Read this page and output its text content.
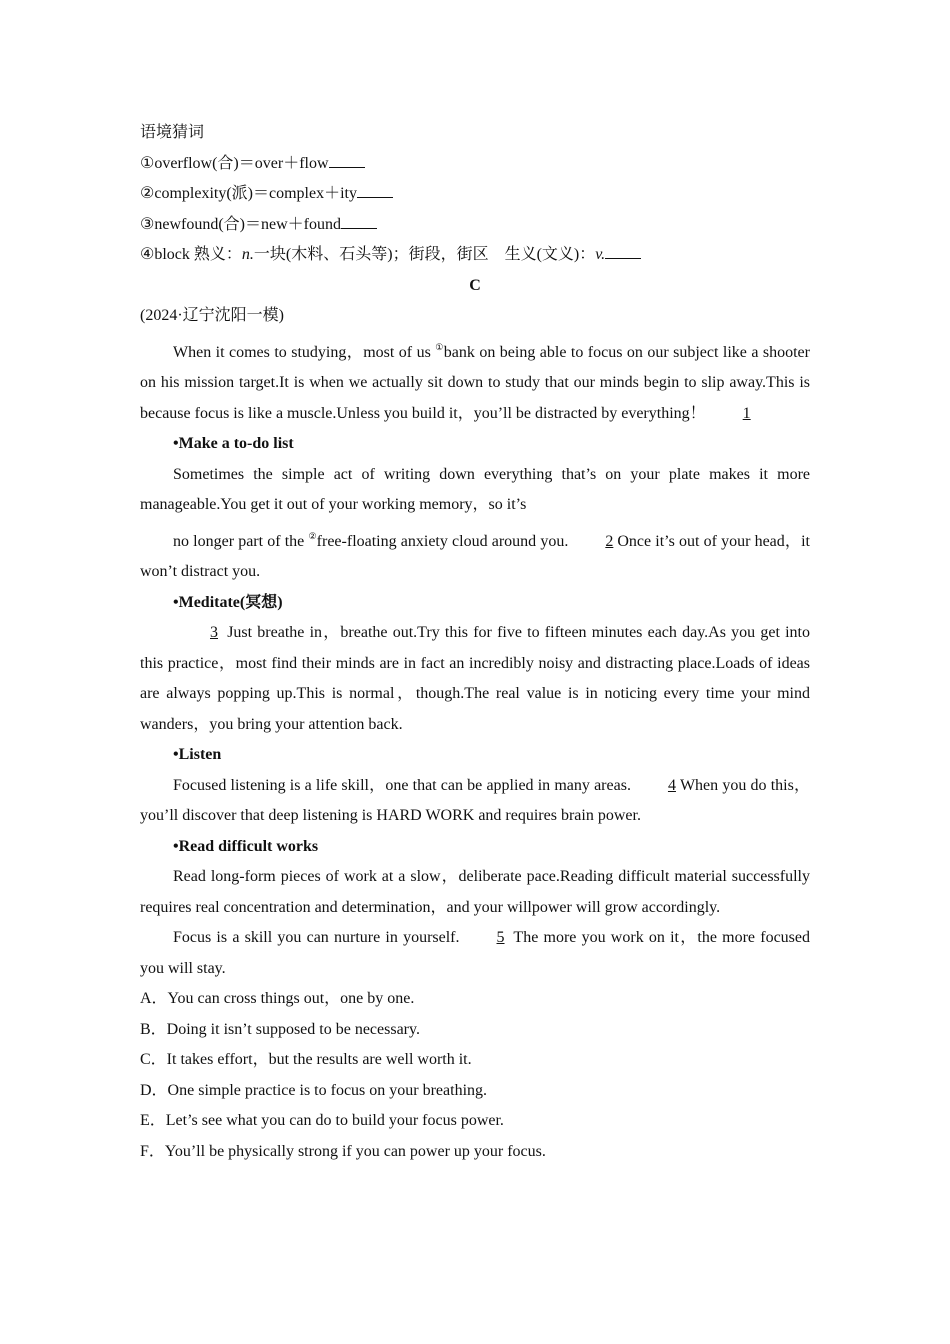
语境猜词
①overflow(合)＝over＋flow
②complexity(派)＝complex＋ity
③newfound(合)＝new＋found
④block 熟义：n.一块(木料、石头等)；街段，街区　生义(文义)：v.
C
(2024·辽宁沈阳一模)

When it comes to studying，most of us ①bank on being able to focus on our subject like a shooter on his mission target.It is when we actually sit down to study that our minds begin to slip away.This is because focus is like a muscle.Unless you build it，you’ll be distracted by everything！ 1

•Make a to-do list

Sometimes the simple act of writing down everything that’s on your plate makes it more manageable.You get it out of your working memory，so it’s

no longer part of the ②free-floating anxiety cloud around you. 2 Once it’s out of your head，it won’t distract you.

•Meditate(冥想)

3 Just breathe in，breathe out.Try this for five to fifteen minutes each day.As you get into this practice，most find their minds are in fact an incredibly noisy and distracting place.Loads of ideas are always popping up.This is normal，though.The real value is in noticing every time your mind wanders，you bring your attention back.

•Listen

Focused listening is a life skill，one that can be applied in many areas. 4 When you do this，you’ll discover that deep listening is HARD WORK and requires brain power.

•Read difficult works

Read long-form pieces of work at a slow，deliberate pace.Reading difficult material successfully requires real concentration and determination，and your willpower will grow accordingly.

Focus is a skill you can nurture in yourself. 5 The more you work on it，the more focused you will stay.

A．You can cross things out，one by one.
B．Doing it isn’t supposed to be necessary.
C．It takes effort，but the results are well worth it.
D．One simple practice is to focus on your breathing.
E．Let’s see what you can do to build your focus power.
F．You’ll be physically strong if you can power up your focus.
